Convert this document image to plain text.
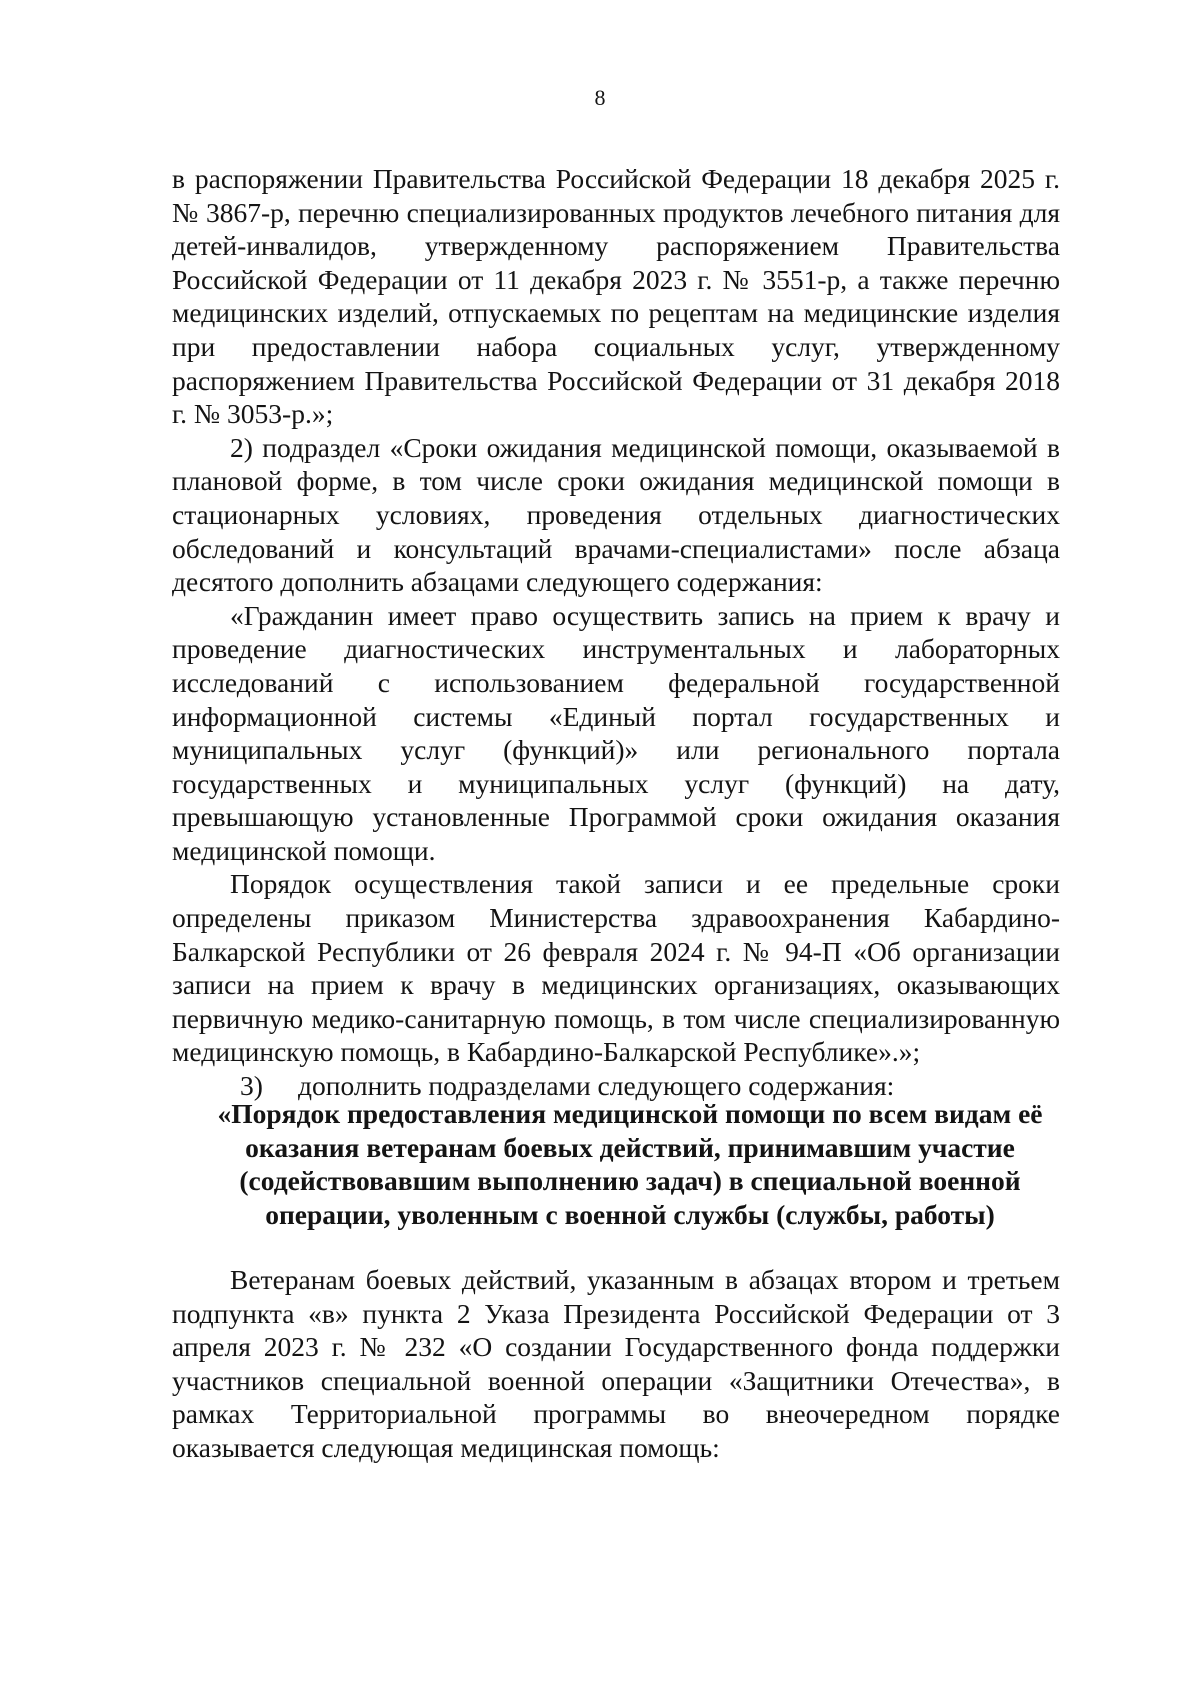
8

в распоряжении Правительства Российской Федерации 18 декабря 2025 г. № 3867-р, перечню специализированных продуктов лечебного питания для детей-инвалидов, утвержденному распоряжением Правительства Российской Федерации от 11 декабря 2023 г. № 3551-р, а также перечню медицинских изделий, отпускаемых по рецептам на медицинские изделия при предоставлении набора социальных услуг, утвержденному распоряжением Правительства Российской Федерации от 31 декабря 2018 г. № 3053-р.»;

2) подраздел «Сроки ожидания медицинской помощи, оказываемой в плановой форме, в том числе сроки ожидания медицинской помощи в стационарных условиях, проведения отдельных диагностических обследований и консультаций врачами-специалистами» после абзаца десятого дополнить абзацами следующего содержания:

«Гражданин имеет право осуществить запись на прием к врачу и проведение диагностических инструментальных и лабораторных исследований с использованием федеральной государственной информационной системы «Единый портал государственных и муниципальных услуг (функций)» или регионального портала государственных и муниципальных услуг (функций) на дату, превышающую установленные Программой сроки ожидания оказания медицинской помощи.

Порядок осуществления такой записи и ее предельные сроки определены приказом Министерства здравоохранения Кабардино-Балкарской Республики от 26 февраля 2024 г. № 94-П «Об организации записи на прием к врачу в медицинских организациях, оказывающих первичную медико-санитарную помощь, в том числе специализированную медицинскую помощь, в Кабардино-Балкарской Республике».»;

3) дополнить подразделами следующего содержания:

«Порядок предоставления медицинской помощи по всем видам её оказания ветеранам боевых действий, принимавшим участие (содействовавшим выполнению задач) в специальной военной операции, уволенным с военной службы (службы, работы)

Ветеранам боевых действий, указанным в абзацах втором и третьем подпункта «в» пункта 2 Указа Президента Российской Федерации от 3 апреля 2023 г. № 232 «О создании Государственного фонда поддержки участников специальной военной операции «Защитники Отечества», в рамках Территориальной программы во внеочередном порядке оказывается следующая медицинская помощь:
